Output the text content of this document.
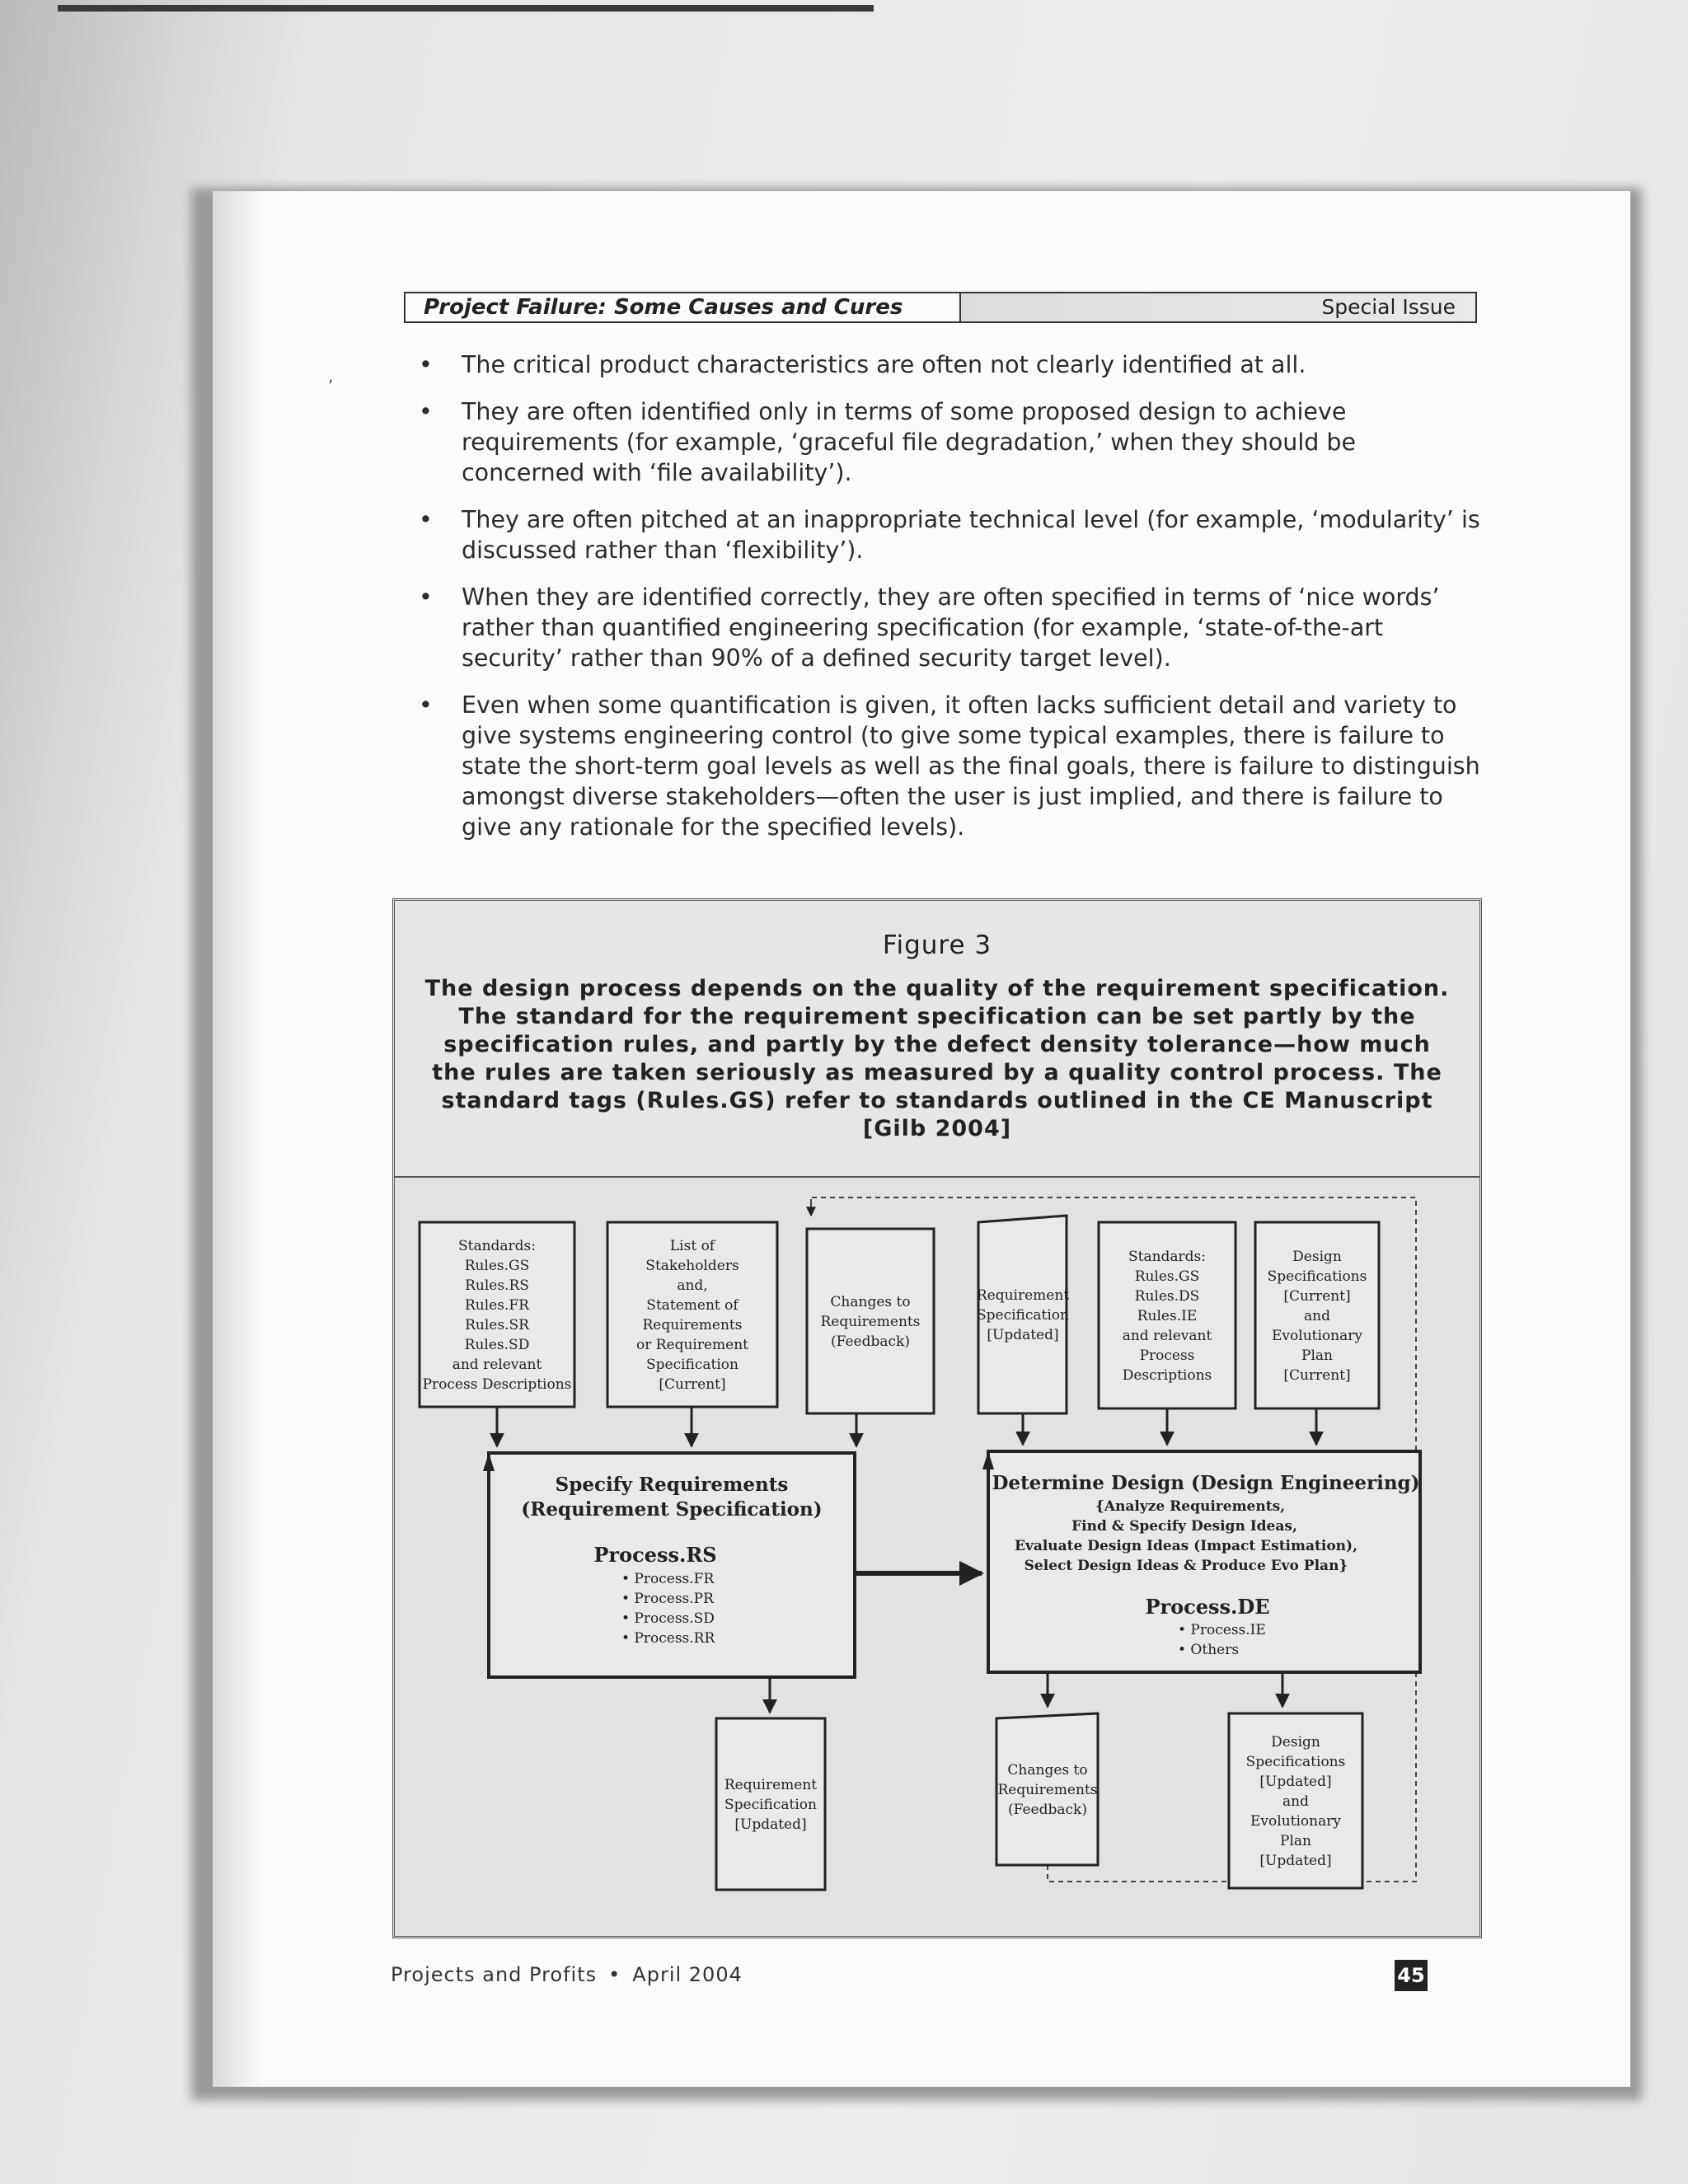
‚
Project Failure: Some Causes and Cures	Special Issue
• The critical product characteristics are often not clearly identified at all.
• They are often identified only in terms of some proposed design to achieve requirements (for example, ‘graceful file degradation,’ when they should be concerned with ‘file availability’).
• They are often pitched at an inappropriate technical level (for example, ‘modularity’ is discussed rather than ‘flexibility’).
• When they are identified correctly, they are often specified in terms of ‘nice words’ rather than quantified engineering specification (for example, ‘state-of-the-art security’ rather than 90% of a defined security target level).
• Even when some quantification is given, it often lacks sufficient detail and variety to give systems engineering control (to give some typical examples, there is failure to state the short-term goal levels as well as the final goals, there is failure to distinguish amongst diverse stakeholders—often the user is just implied, and there is failure to give any rationale for the specified levels).
Figure 3
The design process depends on the quality of the requirement specification. The standard for the requirement specification can be set partly by the specification rules, and partly by the defect density tolerance—how much the rules are taken seriously as measured by a quality control process. The standard tags (Rules.GS) refer to standards outlined in the CE Manuscript [Gilb 2004]
Standards: Rules.GS Rules.RS Rules.FR Rules.SR Rules.SD and relevant Process Descriptions
List of Stakeholders and, Statement of Requirements or Requirement Specification [Current]
Changes to Requirements (Feedback)
Requirement Specification [Updated]
Standards: Rules.GS Rules.DS Rules.IE and relevant Process Descriptions
Design Specifications [Current] and Evolutionary Plan [Current]
Requirement Specification [Updated]
Changes to Requirements (Feedback)
Design Specifications [Updated] and Evolutionary Plan [Updated]
Specify Requirements
(Requirement Specification)
Process.RS
• Process.FR
• Process.PR
• Process.SD
• Process.RR
Determine Design (Design Engineering)
{Analyze Requirements,
Find & Specify Design Ideas,
Evaluate Design Ideas (Impact Estimation),
Select Design Ideas & Produce Evo Plan}
Process.DE
• Process.IE
• Others
Projects and Profits • April 2004	45
